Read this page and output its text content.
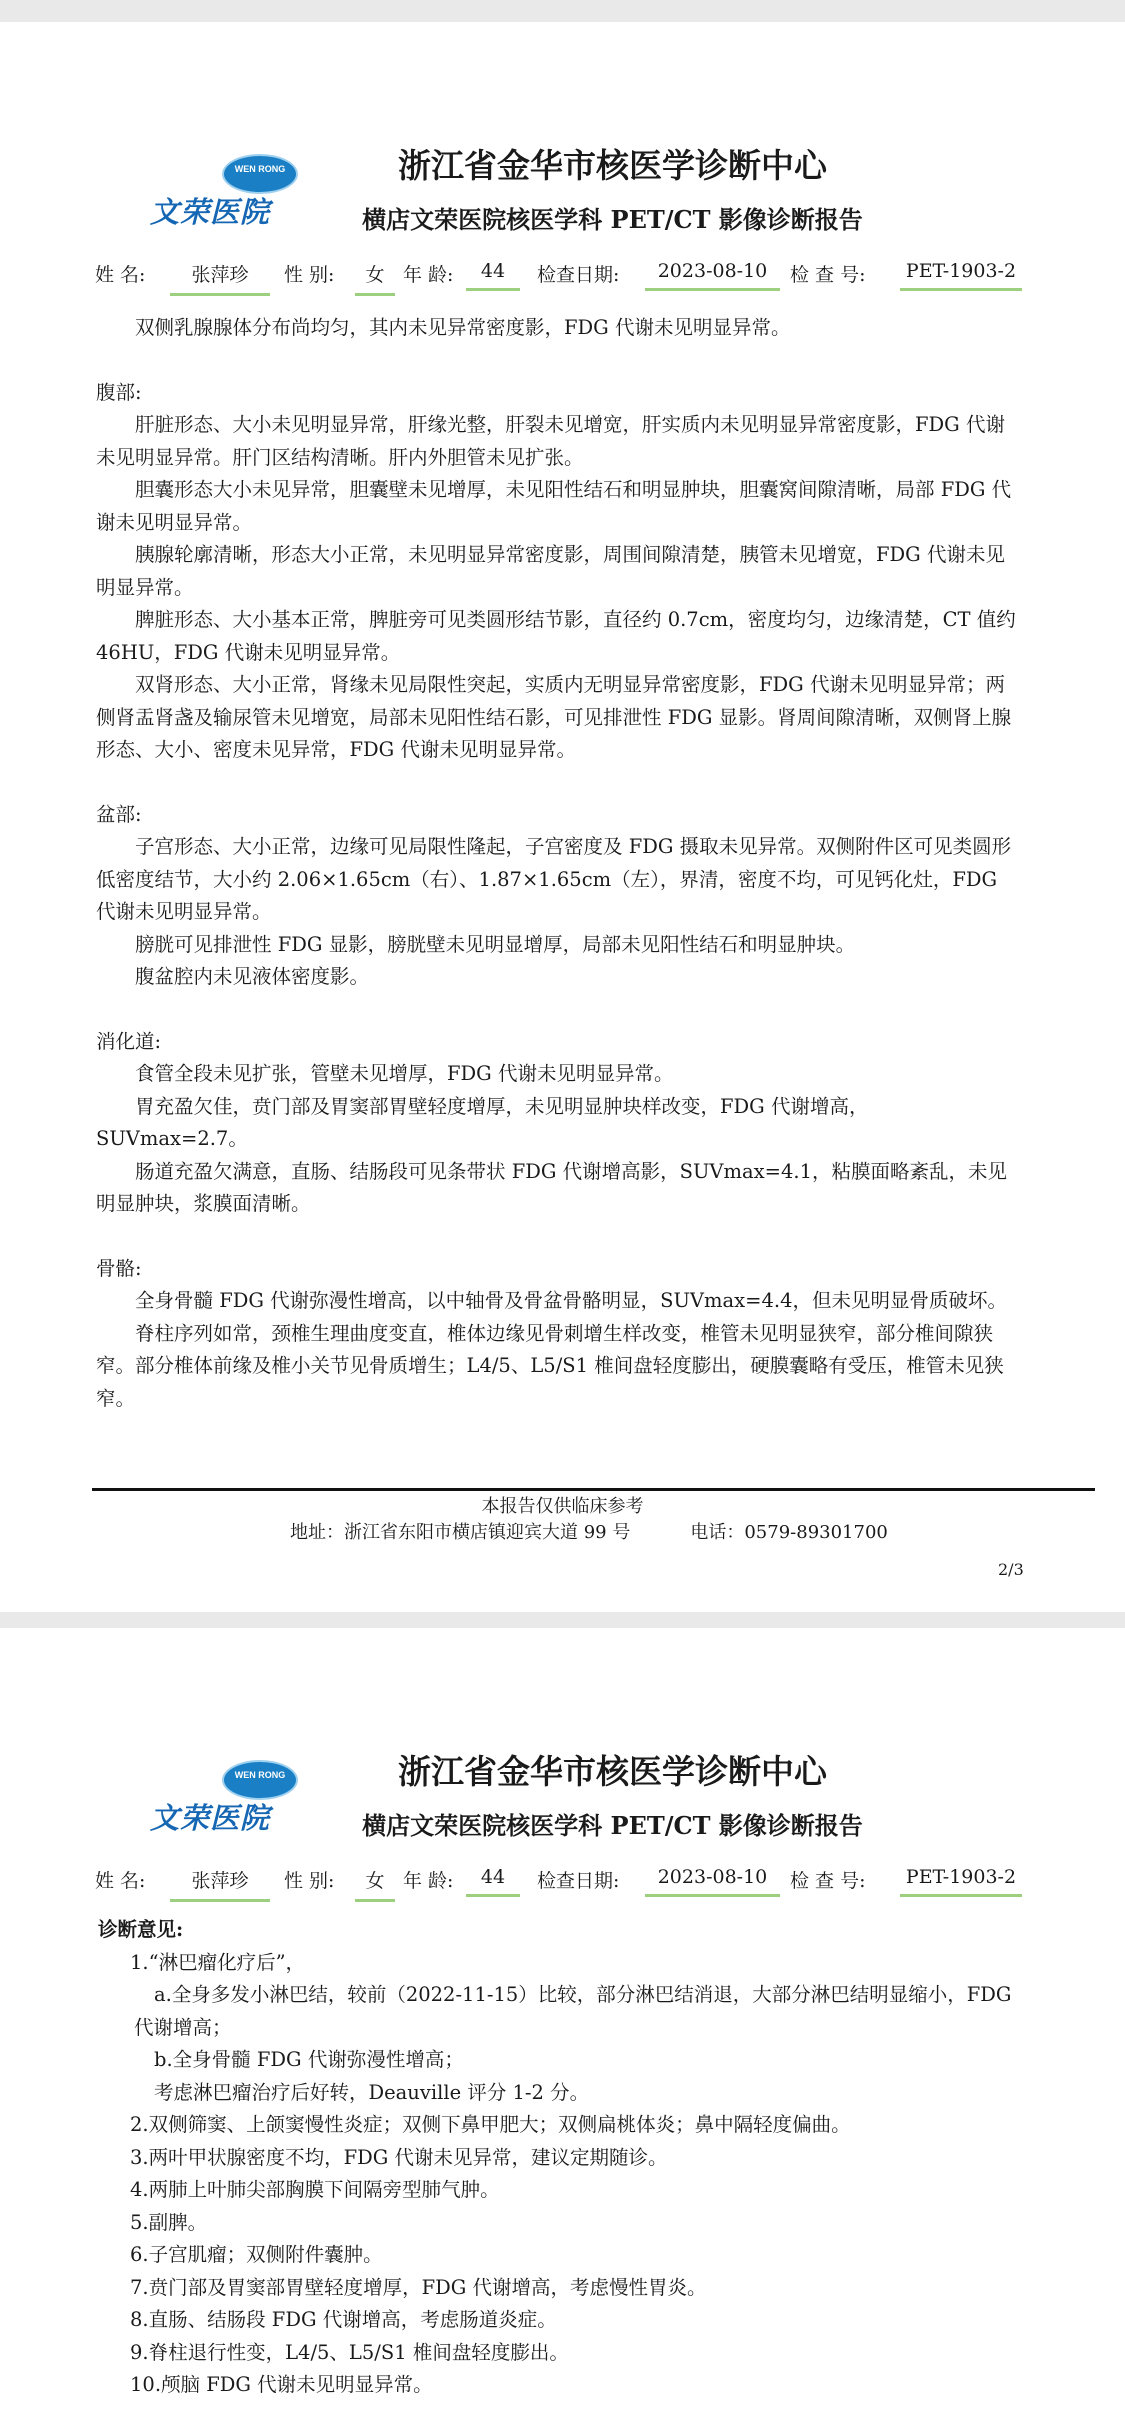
WEN RONG
文荣医院
浙江省金华市核医学诊断中心
横店文荣医院核医学科 PET/CT 影像诊断报告
姓 名:	张萍珍	性 别:	女 年 龄:	44	检查日期:	2023-08-10	检 查 号:	PET-1903-2

双侧乳腺腺体分布尚均匀，其内未见异常密度影，FDG 代谢未见明显异常。

腹部:

肝脏形态、大小未见明显异常，肝缘光整，肝裂未见增宽，肝实质内未见明显异常密度影，FDG 代谢未见明显异常。肝门区结构清晰。肝内外胆管未见扩张。

胆囊形态大小未见异常，胆囊壁未见增厚，未见阳性结石和明显肿块，胆囊窝间隙清晰，局部 FDG 代谢未见明显异常。

胰腺轮廓清晰，形态大小正常，未见明显异常密度影，周围间隙清楚，胰管未见增宽，FDG 代谢未见明显异常。

脾脏形态、大小基本正常，脾脏旁可见类圆形结节影，直径约 0.7cm，密度均匀，边缘清楚，CT 值约 46HU，FDG 代谢未见明显异常。

双肾形态、大小正常，肾缘未见局限性突起，实质内无明显异常密度影，FDG 代谢未见明显异常；两侧肾盂肾盏及输尿管未见增宽，局部未见阳性结石影，可见排泄性 FDG 显影。肾周间隙清晰，双侧肾上腺形态、大小、密度未见异常，FDG 代谢未见明显异常。

盆部:

子宫形态、大小正常，边缘可见局限性隆起，子宫密度及 FDG 摄取未见异常。双侧附件区可见类圆形低密度结节，大小约 2.06×1.65cm（右）、1.87×1.65cm（左），界清，密度不均，可见钙化灶，FDG 代谢未见明显异常。

膀胱可见排泄性 FDG 显影，膀胱壁未见明显增厚，局部未见阳性结石和明显肿块。

腹盆腔内未见液体密度影。

消化道:

食管全段未见扩张，管壁未见增厚，FDG 代谢未见明显异常。

胃充盈欠佳，贲门部及胃窦部胃壁轻度增厚，未见明显肿块样改变，FDG 代谢增高，SUVmax=2.7。

肠道充盈欠满意，直肠、结肠段可见条带状 FDG 代谢增高影，SUVmax=4.1，粘膜面略紊乱，未见明显肿块，浆膜面清晰。

骨骼:

全身骨髓 FDG 代谢弥漫性增高，以中轴骨及骨盆骨骼明显，SUVmax=4.4，但未见明显骨质破坏。

脊柱序列如常，颈椎生理曲度变直，椎体边缘见骨刺增生样改变，椎管未见明显狭窄，部分椎间隙狭窄。部分椎体前缘及椎小关节见骨质增生；L4/5、L5/S1 椎间盘轻度膨出，硬膜囊略有受压，椎管未见狭窄。

本报告仅供临床参考
地址：浙江省东阳市横店镇迎宾大道 99 号	电话：0579-89301700
2/3
WEN RONG
文荣医院
浙江省金华市核医学诊断中心
横店文荣医院核医学科 PET/CT 影像诊断报告
姓 名:	张萍珍	性 别:	女 年 龄:	44	检查日期:	2023-08-10	检 查 号:	PET-1903-2

诊断意见:

1.“淋巴瘤化疗后”，

a.全身多发小淋巴结，较前（2022-11-15）比较，部分淋巴结消退，大部分淋巴结明显缩小，FDG 代谢增高；

b.全身骨髓 FDG 代谢弥漫性增高；

考虑淋巴瘤治疗后好转，Deauville 评分 1-2 分。

2.双侧筛窦、上颌窦慢性炎症；双侧下鼻甲肥大；双侧扁桃体炎；鼻中隔轻度偏曲。

3.两叶甲状腺密度不均，FDG 代谢未见异常，建议定期随诊。

4.两肺上叶肺尖部胸膜下间隔旁型肺气肿。

5.副脾。

6.子宫肌瘤；双侧附件囊肿。

7.贲门部及胃窦部胃壁轻度增厚，FDG 代谢增高，考虑慢性胃炎。

8.直肠、结肠段 FDG 代谢增高，考虑肠道炎症。

9.脊柱退行性变，L4/5、L5/S1 椎间盘轻度膨出。

10.颅脑 FDG 代谢未见明显异常。
